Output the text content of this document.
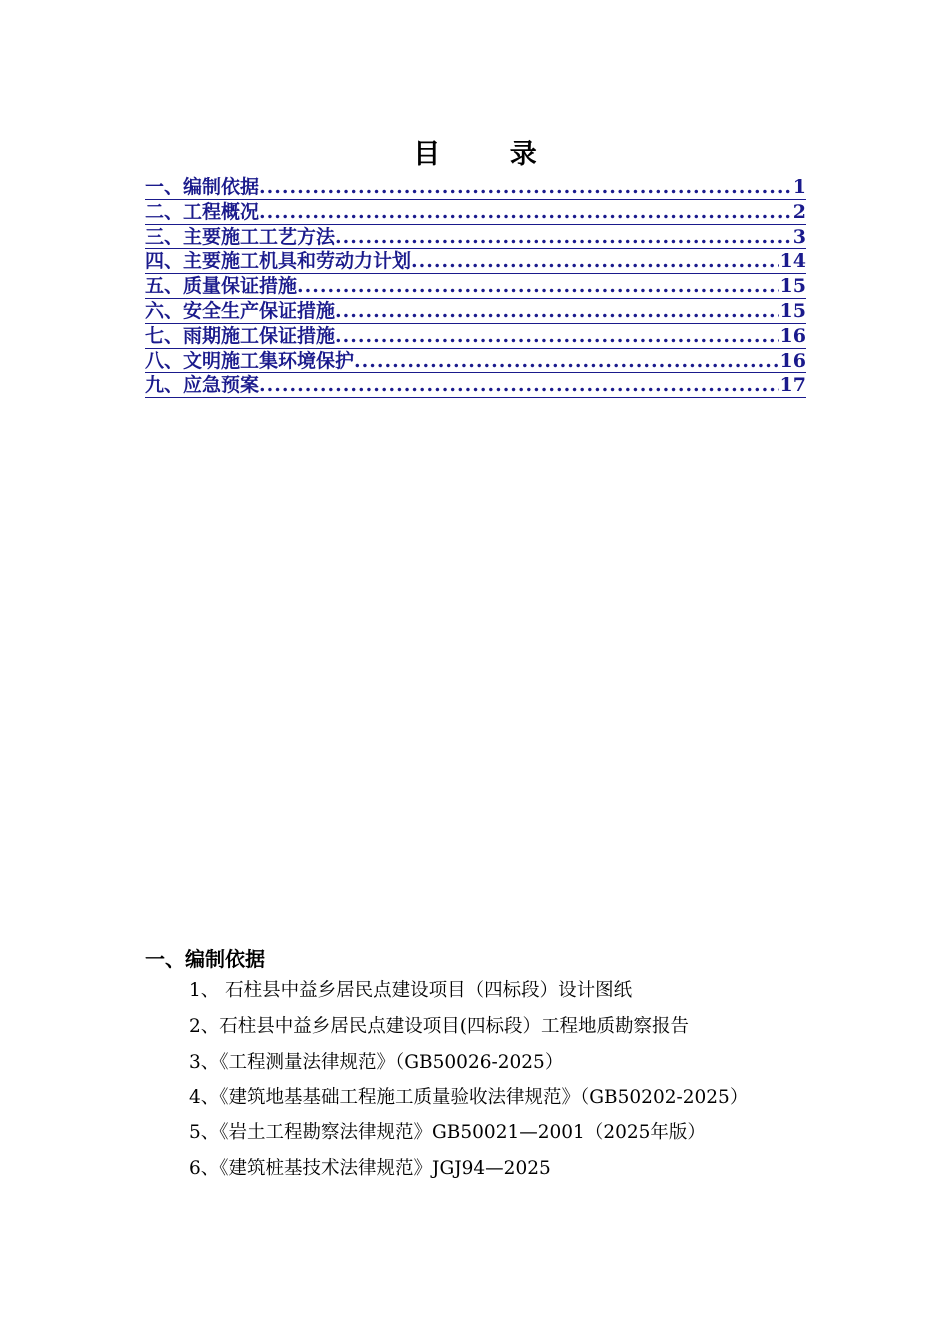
目 录
一、编制依据 .....	1
二、工程概况 .....	2
三、主要施工工艺方法 .....	3
四、主要施工机具和劳动力计划 .....	14
五、质量保证措施 .....	15
六、安全生产保证措施 .....	15
七、雨期施工保证措施 .....	16
八、文明施工集环境保护 .....	16
九、应急预案 .....	17
一、编制依据
1、 石柱县中益乡居民点建设项目（四标段）设计图纸
2、石柱县中益乡居民点建设项目(四标段）工程地质勘察报告
3、《工程测量法律规范》（GB50026-2025）
4、《建筑地基基础工程施工质量验收法律规范》（GB50202-2025）
5、《岩土工程勘察法律规范》GB50021—2001（2025年版）
6、《建筑桩基技术法律规范》JGJ94—2025
